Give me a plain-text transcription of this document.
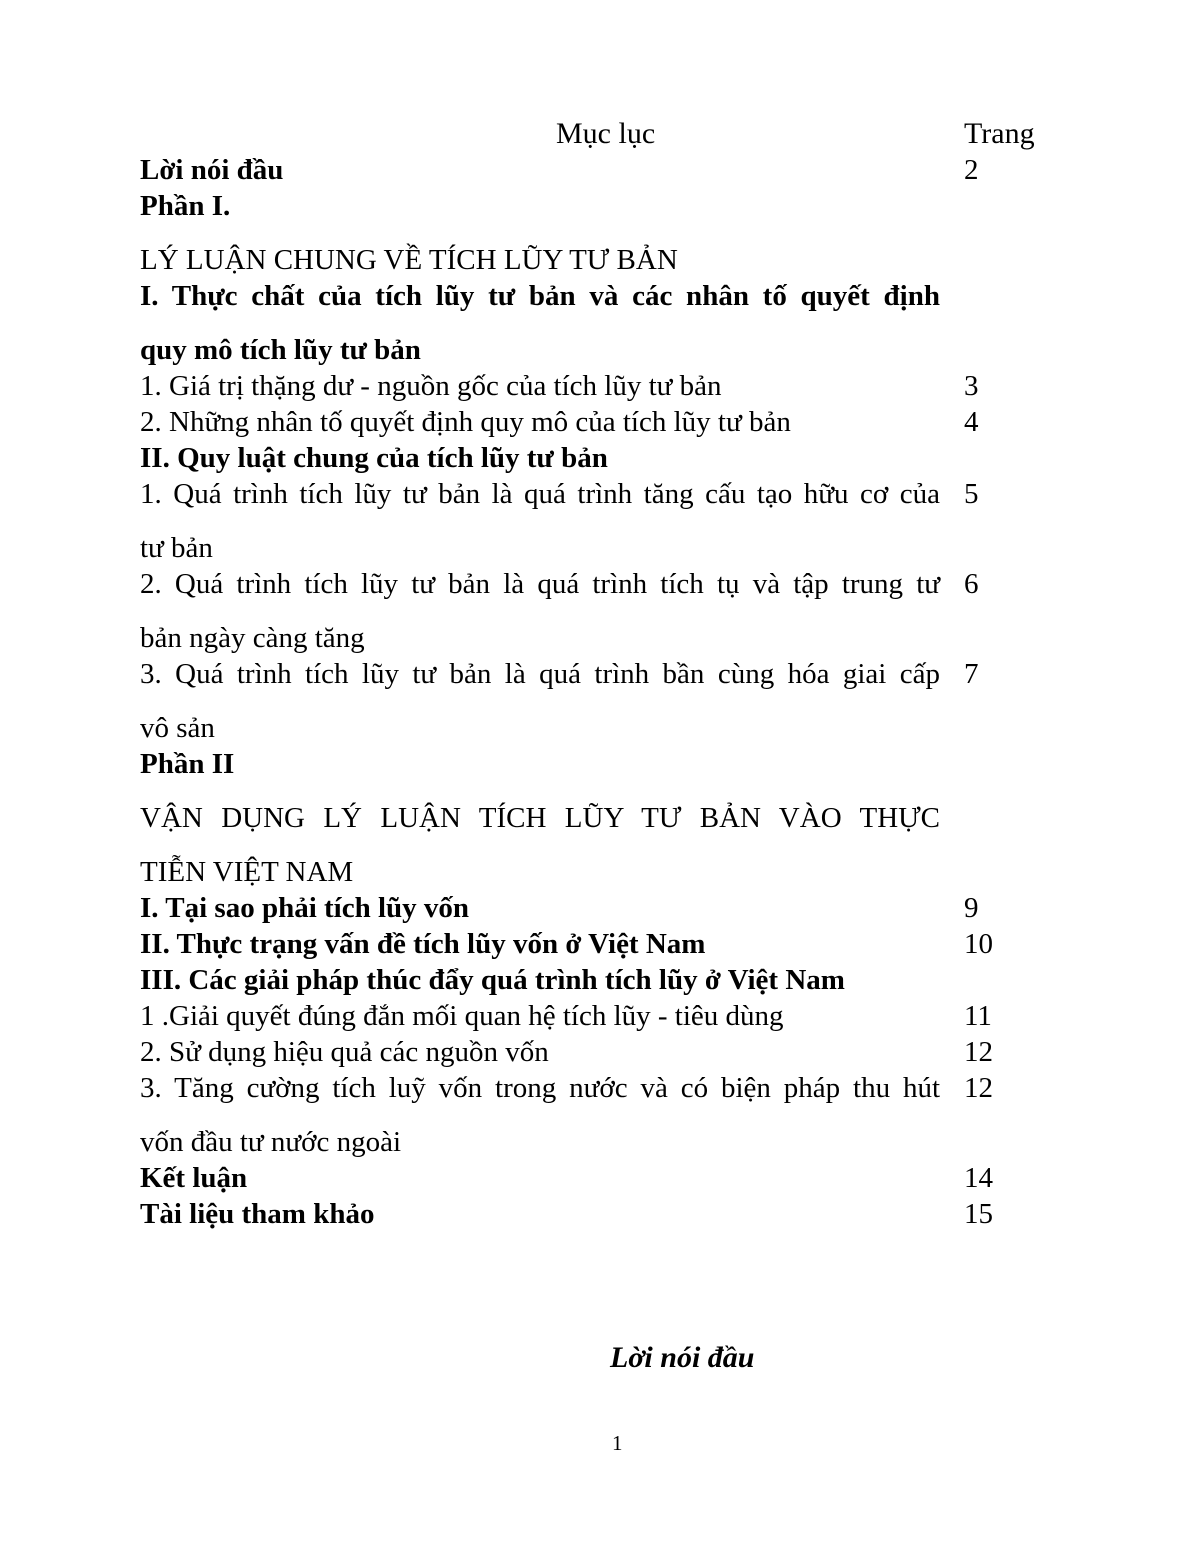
Mục lục	Trang
Lời nói đầu	2
Phần I.
LÝ LUẬN CHUNG VỀ TÍCH LŨY TƯ BẢN
I. Thực chất của tích lũy tư bản và các nhân tố quyết định
quy mô tích lũy tư bản
1. Giá trị thặng dư - nguồn gốc của tích lũy tư bản	3
2. Những nhân tố quyết định quy mô của tích lũy tư bản	4
II. Quy luật chung của tích lũy tư bản
1. Quá trình tích lũy tư bản là quá trình tăng cấu tạo hữu cơ của 5
tư bản
2. Quá trình tích lũy tư bản là quá trình tích tụ và tập trung tư 6
bản ngày càng tăng
3. Quá trình tích lũy tư bản là quá trình bần cùng hóa giai cấp 7
vô sản
Phần II
VẬN DỤNG LÝ LUẬN TÍCH LŨY TƯ BẢN VÀO THỰC
TIỄN VIỆT NAM
I. Tại sao phải tích lũy vốn	9
II. Thực trạng vấn đề tích lũy vốn ở Việt Nam	10
III. Các giải pháp thúc đẩy quá trình tích lũy ở Việt Nam
1 .Giải quyết đúng đắn mối quan hệ tích lũy - tiêu dùng	11
2. Sử dụng hiệu quả các nguồn vốn	12
3. Tăng cường tích luỹ vốn trong nước và có biện pháp thu hút 12
vốn đầu tư nước ngoài
Kết luận	14
Tài liệu tham khảo	15
Lời nói đầu
1
